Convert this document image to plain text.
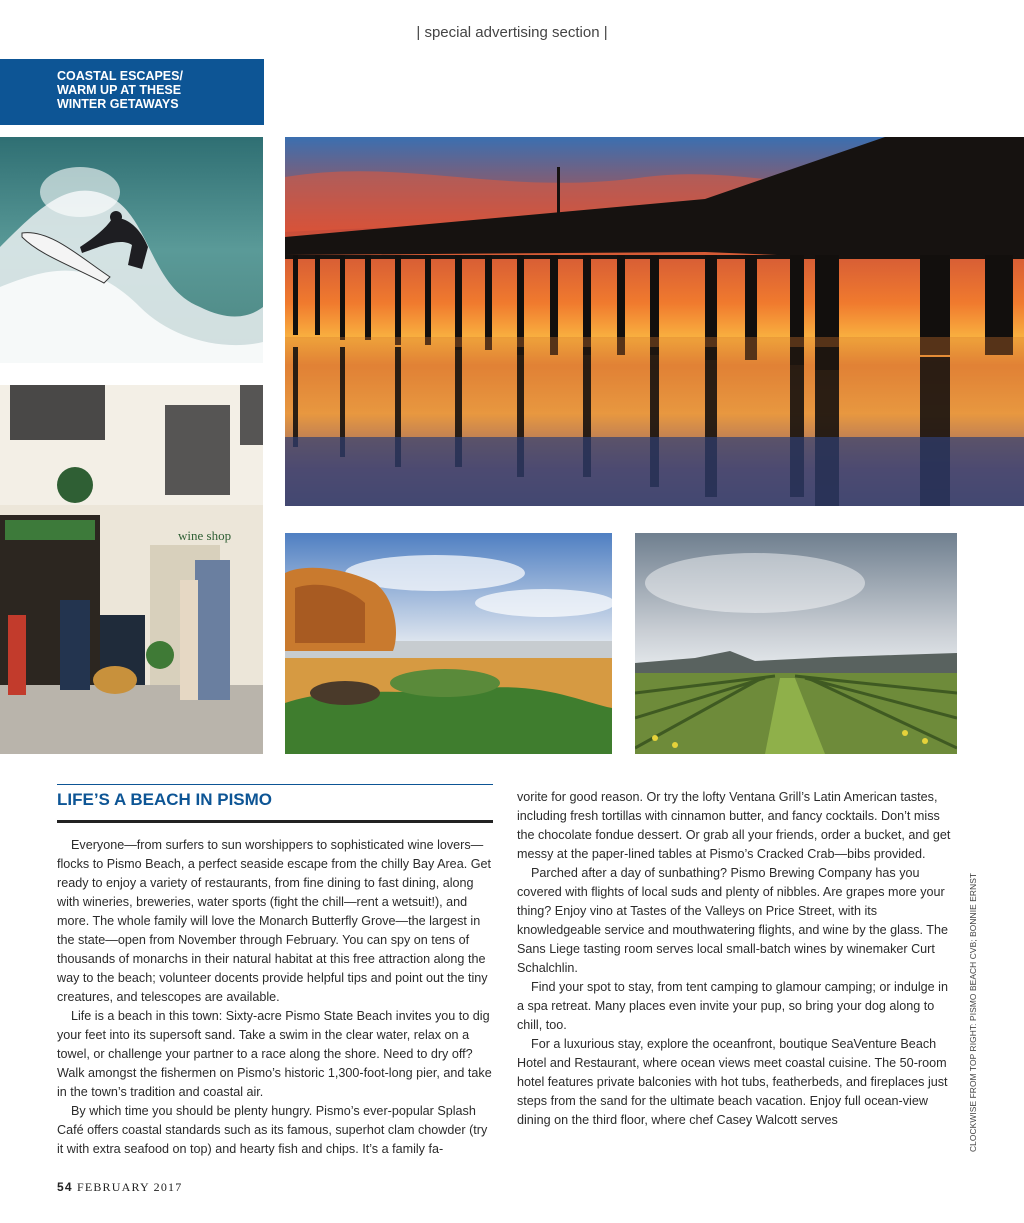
| special advertising section |
COASTAL ESCAPES/
WARM UP AT THESE
WINTER GETAWAYS
wine shop
LIFE’S A BEACH IN PISMO

Everyone—from surfers to sun worshippers to sophisticated wine lovers—flocks to Pismo Beach, a perfect seaside escape from the chilly Bay Area. Get ready to enjoy a variety of restaurants, from fine dining to fast dining, along with wineries, breweries, water sports (fight the chill—rent a wetsuit!), and more. The whole family will love the Monarch Butterfly Grove—the largest in the state—open from November through February. You can spy on tens of thousands of monarchs in their natural habitat at this free attraction along the way to the beach; volunteer docents provide helpful tips and point out the tiny creatures, and telescopes are available.

Life is a beach in this town: Sixty-acre Pismo State Beach invites you to dig your feet into its supersoft sand. Take a swim in the clear water, relax on a towel, or challenge your partner to a race along the shore. Need to dry off? Walk amongst the fishermen on Pismo’s historic 1,300-foot-long pier, and take in the town’s tradition and coastal air.

By which time you should be plenty hungry. Pismo’s ever-popular Splash Café offers coastal standards such as its famous, superhot clam chowder (try it with extra seafood on top) and hearty fish and chips. It’s a family fa-

vorite for good reason. Or try the lofty Ventana Grill’s Latin American tastes, including fresh tortillas with cinnamon butter, and fancy cocktails. Don’t miss the chocolate fondue dessert. Or grab all your friends, order a bucket, and get messy at the paper-lined tables at Pismo’s Cracked Crab—bibs provided.

Parched after a day of sunbathing? Pismo Brewing Company has you covered with flights of local suds and plenty of nibbles. Are grapes more your thing? Enjoy vino at Tastes of the Valleys on Price Street, with its knowledgeable service and mouthwatering flights, and wine by the glass. The Sans Liege tasting room serves local small-batch wines by winemaker Curt Schalchlin.

Find your spot to stay, from tent camping to glamour camping; or indulge in a spa retreat. Many places even invite your pup, so bring your dog along to chill, too.

For a luxurious stay, explore the oceanfront, boutique SeaVenture Beach Hotel and Restaurant, where ocean views meet coastal cuisine. The 50-room hotel features private balconies with hot tubs, featherbeds, and fireplaces just steps from the sand for the ultimate beach vacation. Enjoy full ocean-view dining on the third floor, where chef Casey Walcott serves	CLOCKWISE FROM TOP RIGHT: PISMO BEACH CVB; BONNIE ERNST
54 FEBRUARY 2017
